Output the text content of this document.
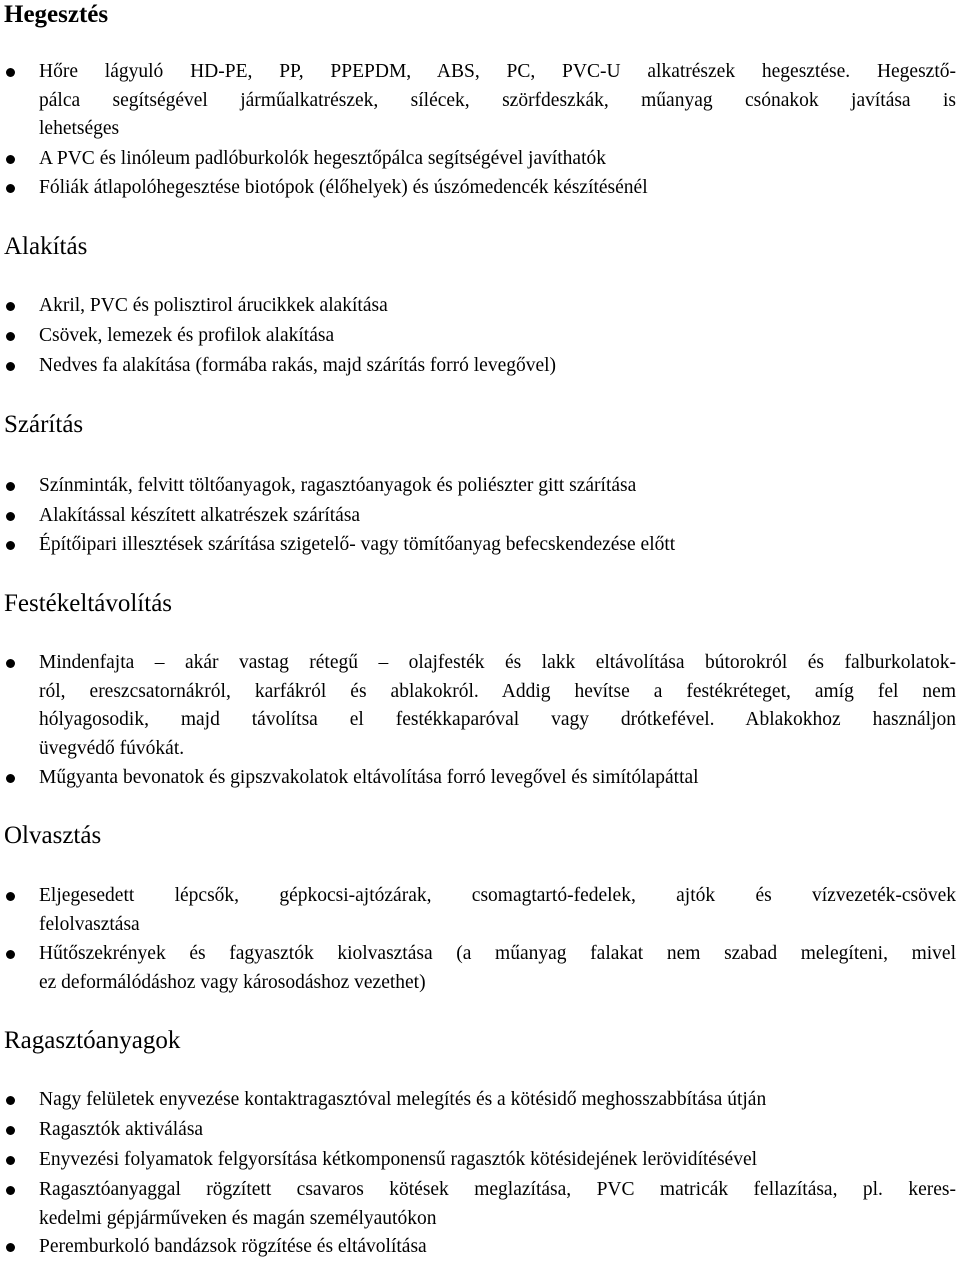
Hegesztés
Hőre lágyuló HD-PE, PP, PPEPDM, ABS, PC, PVC-U alkatrészek hegesztése. Hegesztő-
pálca segítségével járműalkatrészek, sílécek, szörfdeszkák, műanyag csónakok javítása is
lehetséges
A PVC és linóleum padlóburkolók hegesztőpálca segítségével javíthatók
Fóliák átlapolóhegesztése biotópok (élőhelyek) és úszómedencék készítésénél
Alakítás
Akril, PVC és polisztirol árucikkek alakítása
Csövek, lemezek és profilok alakítása
Nedves fa alakítása (formába rakás, majd szárítás forró levegővel)
Szárítás
Színminták, felvitt töltőanyagok, ragasztóanyagok és poliészter gitt szárítása
Alakítással készített alkatrészek szárítása
Építőipari illesztések szárítása szigetelő- vagy tömítőanyag befecskendezése előtt
Festékeltávolítás
Mindenfajta – akár vastag rétegű – olajfesték és lakk eltávolítása bútorokról és falburkolatok-
ról, ereszcsatornákról, karfákról és ablakokról. Addig hevítse a festékréteget, amíg fel nem
hólyagosodik, majd távolítsa el festékkaparóval vagy drótkefével. Ablakokhoz használjon
üvegvédő fúvókát.
Műgyanta bevonatok és gipszvakolatok eltávolítása forró levegővel és simítólapáttal
Olvasztás
Eljegesedett lépcsők, gépkocsi-ajtózárak, csomagtartó-fedelek, ajtók és vízvezeték-csövek
felolvasztása
Hűtőszekrények és fagyasztók kiolvasztása (a műanyag falakat nem szabad melegíteni, mivel
ez deformálódáshoz vagy károsodáshoz vezethet)
Ragasztóanyagok
Nagy felületek enyvezése kontaktragasztóval melegítés és a kötésidő meghosszabbítása útján
Ragasztók aktiválása
Enyvezési folyamatok felgyorsítása kétkomponensű ragasztók kötésidejének lerövidítésével
Ragasztóanyaggal rögzített csavaros kötések meglazítása, PVC matricák fellazítása, pl. keres-
kedelmi gépjárműveken és magán személyautókon
Peremburkoló bandázsok rögzítése és eltávolítása
